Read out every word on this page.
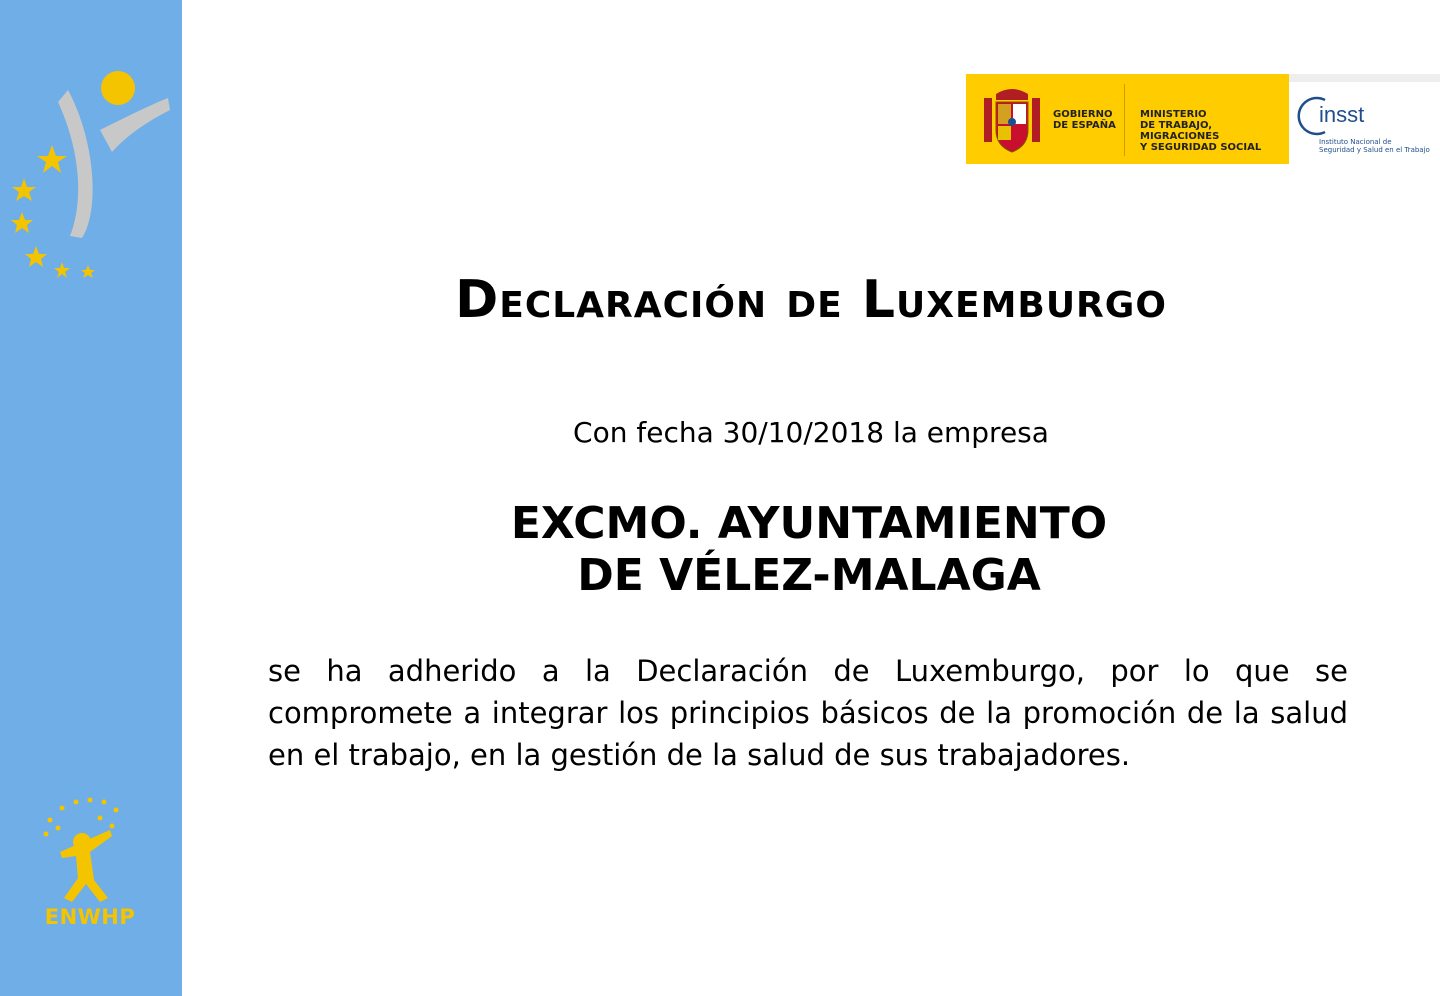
ENWHP
GOBIERNO
DE ESPAÑA
MINISTERIO
DE TRABAJO, MIGRACIONES
Y SEGURIDAD SOCIAL
insst
Instituto Nacional de
Seguridad y Salud en el Trabajo
Declaración de Luxemburgo
Con fecha 30/10/2018 la empresa
EXCMO. AYUNTAMIENTO
DE VÉLEZ-MALAGA
se ha adherido a la Declaración de Luxemburgo, por lo que se compromete a integrar los principios básicos de la promoción de la salud en el trabajo, en la gestión de la salud de sus trabajadores.
